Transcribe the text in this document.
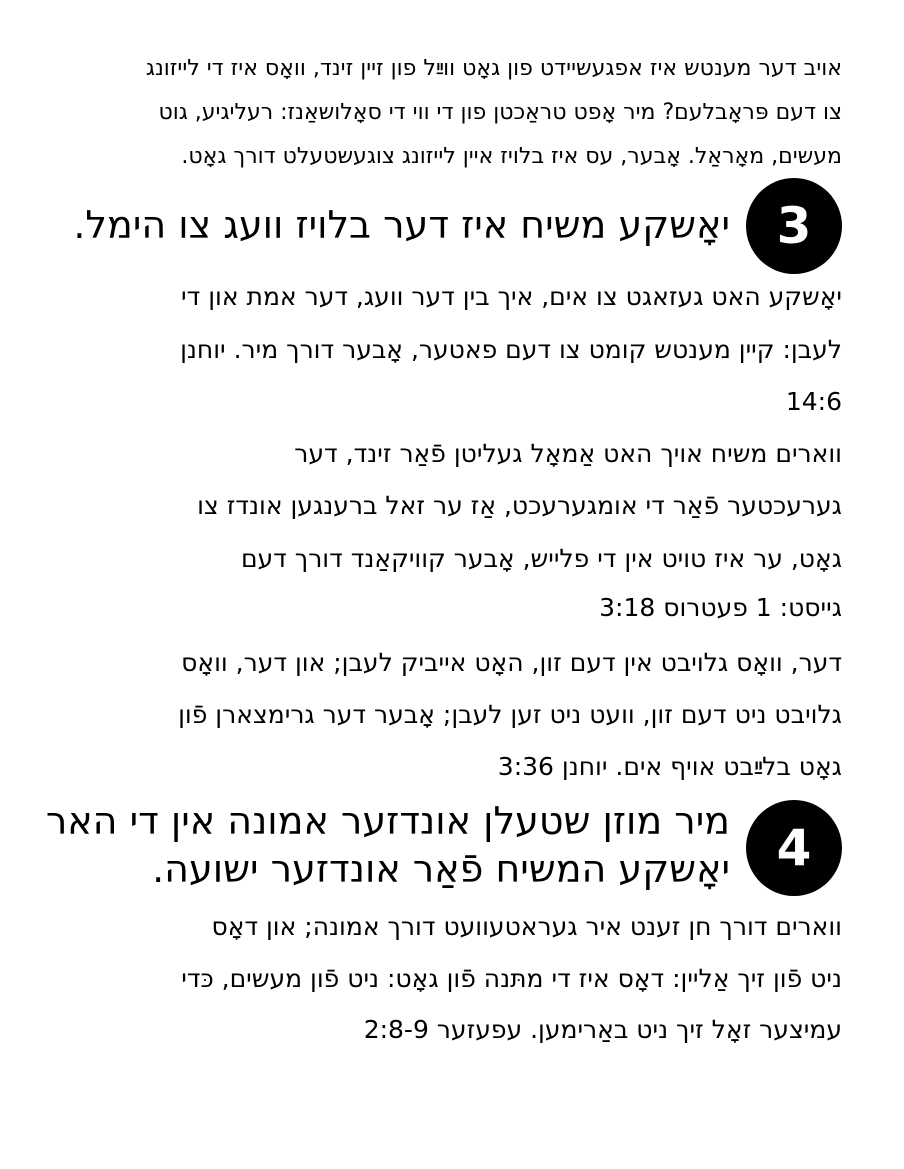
אויב דער מענטש איז אפגעשיידט פון גאָט ווײַל פון זיין זינד, וואָס איז די לייזונג
צו דעם פּראָבלעם? מיר אָפט טראַכטן פון די ווי די סאָלושאַנז: רעליגיע, גוט
מעשים, מאָראַל. אָבער, עס איז בלויז איין לייזונג צוגעשטעלט דורך גאָט.
3
יאָשקע משיח איז דער בלויז וועג צו הימל.
יאָשקע האט געזאגט צו אים, איך בין דער וועג, דער אמת און די
לעבן: קיין מענטש קומט צו דעם פאטער, אָבער דורך מיר. יוחנן
14:6
ווארים משיח אויך האט אַמאָל געליטן פֿאַר זינד, דער
גערעכטער פֿאַר די אומגערעכט, אַז ער זאל ברענגען אונדז צו
גאָט, ער איז טויט אין די פלייש, אָבער קוויקאַנד דורך דעם
גייסט: 1 פעטרוס 3:18
דער, וואָס גלויבט אין דעם זון, האָט אייביק לעבן; און דער, וואָס
גלויבט ניט דעם זון, וועט ניט זען לעבן; אָבער דער גרימצארן פֿון
גאָט בלײַבט אויף אים. יוחנן 3:36
4
מיר מוזן שטעלן אונדזער אמונה אין די האר
יאָשקע המשיח פֿאַר אונדזער ישועה.
ווארים דורך חן זענט איר געראטעוועט דורך אמונה; און דאָס
ניט פֿון זיך אַליין: דאָס איז די מתּנה פֿון גאָט: ניט פֿון מעשים, כּדי
עמיצער זאָל זיך ניט באַרימען. עפעזער 2:8-9
